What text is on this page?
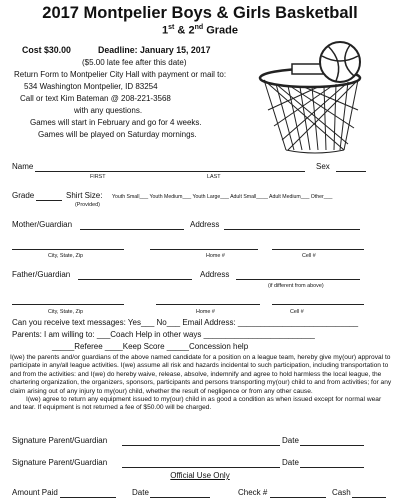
2017 Montpelier Boys & Girls Basketball
1st & 2nd Grade
Cost $30.00	Deadline: January 15, 2017
($5.00 late fee after this date)
Return Form to Montpelier City Hall with payment or mail to:
534 Washington Montpelier, ID 83254
Call or text Kim Bateman @ 208-221-3568
with any questions.
Games will start in February and go for 4 weeks.
Games will be played on Saturday mornings.
Name	Sex
FIRST	LAST
Grade	Shirt Size: Youth Small___ Youth Medium___ Youth Large___ Adult Small____ Adult Medium___ Other___
(Provided)
Mother/Guardian	Address
City, State, Zip	Home #	Cell #
Father/Guardian	Address
(if different from above)
City, State, Zip	Home #	Cell #
Can you receive text messages: Yes___ No___ Email Address: ___________________________
Parents: I am willing to: ___Coach Help in other ways _________________________
_____Referee ____Keep Score _____Concession help
I(we) the parents and/or guardians of the above named candidate for a position on a league team, hereby give my(our) approval to participate in any/all league activities. I(we) assume all risk and hazards incidental to such participation, including transportation to and from the activities: and I(we) do hereby waive, release, absolve, indemnify and agree to hold harmless the local league, the chartering organization, the organizers, sponsors, participants and persons transporting my(our) child to and from activities; for any claim arising out of any injury to my(our) child, whether the result of negligence or from any other cause.
I(we) agree to return any equipment issued to my(our) child in as good a condition as when issued except for normal wear and tear. If equipment is not returned a fee of $50.00 will be charged.
Signature Parent/Guardian	Date
Signature Parent/Guardian	Date
Official Use Only
Amount Paid	Date	Check #	Cash
